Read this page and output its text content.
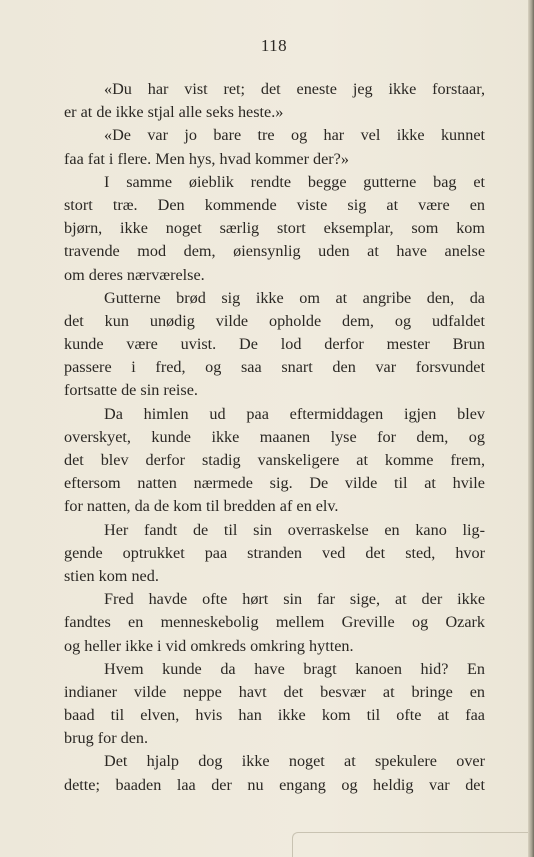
118
«Du har vist ret; det eneste jeg ikke forstaar,
er at de ikke stjal alle seks heste.»
«De var jo bare tre og har vel ikke kunnet
faa fat i flere. Men hys, hvad kommer der?»
I samme øieblik rendte begge gutterne bag et
stort træ. Den kommende viste sig at være en
bjørn, ikke noget særlig stort eksemplar, som kom
travende mod dem, øiensynlig uden at have anelse
om deres nærværelse.
Gutterne brød sig ikke om at angribe den, da
det kun unødig vilde opholde dem, og udfaldet
kunde være uvist. De lod derfor mester Brun
passere i fred, og saa snart den var forsvundet
fortsatte de sin reise.
Da himlen ud paa eftermiddagen igjen blev
overskyet, kunde ikke maanen lyse for dem, og
det blev derfor stadig vanskeligere at komme frem,
eftersom natten nærmede sig. De vilde til at hvile
for natten, da de kom til bredden af en elv.
Her fandt de til sin overraskelse en kano lig-
gende optrukket paa stranden ved det sted, hvor
stien kom ned.
Fred havde ofte hørt sin far sige, at der ikke
fandtes en menneskebolig mellem Greville og Ozark
og heller ikke i vid omkreds omkring hytten.
Hvem kunde da have bragt kanoen hid? En
indianer vilde neppe havt det besvær at bringe en
baad til elven, hvis han ikke kom til ofte at faa
brug for den.
Det hjalp dog ikke noget at spekulere over
dette; baaden laa der nu engang og heldig var det
